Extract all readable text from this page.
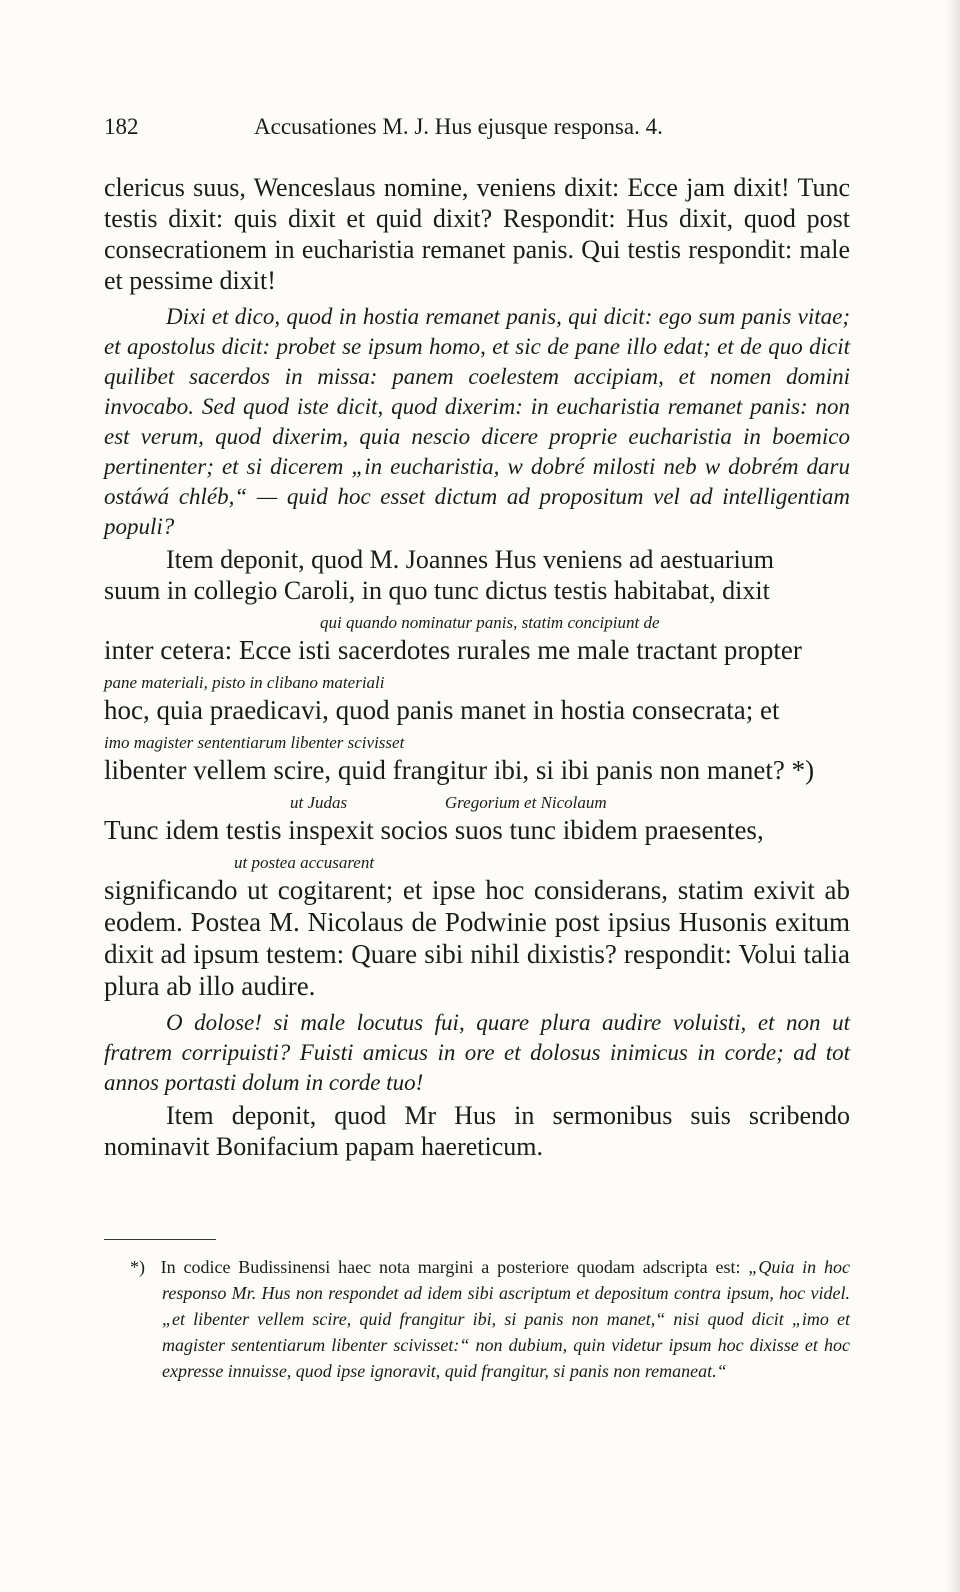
182	Accusationes M. J. Hus ejusque responsa. 4.

clericus suus, Wenceslaus nomine, veniens dixit: Ecce jam dixit! Tunc testis dixit: quis dixit et quid dixit? Respondit: Hus dixit, quod post consecrationem in eucharistia remanet panis. Qui testis respondit: male et pessime dixit!

Dixi et dico, quod in hostia remanet panis, qui dicit: ego sum panis vitae; et apostolus dicit: probet se ipsum homo, et sic de pane illo edat; et de quo dicit quilibet sacerdos in missa: panem coelestem accipiam, et nomen domini invocabo. Sed quod iste dicit, quod dixerim: in eucharistia remanet panis: non est verum, quod dixerim, quia nescio dicere proprie eucharistia in boemico pertinenter; et si dicerem „in eucharistia, w dobré milosti neb w dobrém daru ostáwá chléb,“ — quid hoc esset dictum ad propositum vel ad intelligentiam populi?

Item deponit, quod M. Joannes Hus veniens ad aestuarium

suum in collegio Caroli, in quo tunc dictus testis habitabat, dixit

qui quando nominatur panis, statim concipiunt de

inter cetera: Ecce isti sacerdotes rurales me male tractant propter

pane materiali, pisto in clibano materiali

hoc, quia praedicavi, quod panis manet in hostia consecrata; et

imo magister sententiarum libenter scivisset

libenter vellem scire, quid frangitur ibi, si ibi panis non manet? *)

ut Judas                       Gregorium et Nicolaum

Tunc idem testis inspexit socios suos tunc ibidem praesentes,

ut postea accusarent

significando ut cogitarent; et ipse hoc considerans, statim exivit ab eodem. Postea M. Nicolaus de Podwinie post ipsius Husonis exitum dixit ad ipsum testem: Quare sibi nihil dixistis? respondit: Volui talia plura ab illo audire.

O dolose! si male locutus fui, quare plura audire voluisti, et non ut fratrem corripuisti? Fuisti amicus in ore et dolosus inimicus in corde; ad tot annos portasti dolum in corde tuo!

Item deponit, quod Mr Hus in sermonibus suis scribendo nominavit Bonifacium papam haereticum.

*) In codice Budissinensi haec nota margini a posteriore quodam adscripta est: „Quia in hoc responso Mr. Hus non respondet ad idem sibi ascriptum et depositum contra ipsum, hoc videl. „et libenter vellem scire, quid frangitur ibi, si panis non manet,“ nisi quod dicit „imo et magister sententiarum libenter scivisset:“ non dubium, quin videtur ipsum hoc dixisse et hoc expresse innuisse, quod ipse ignoravit, quid frangitur, si panis non remaneat.“
